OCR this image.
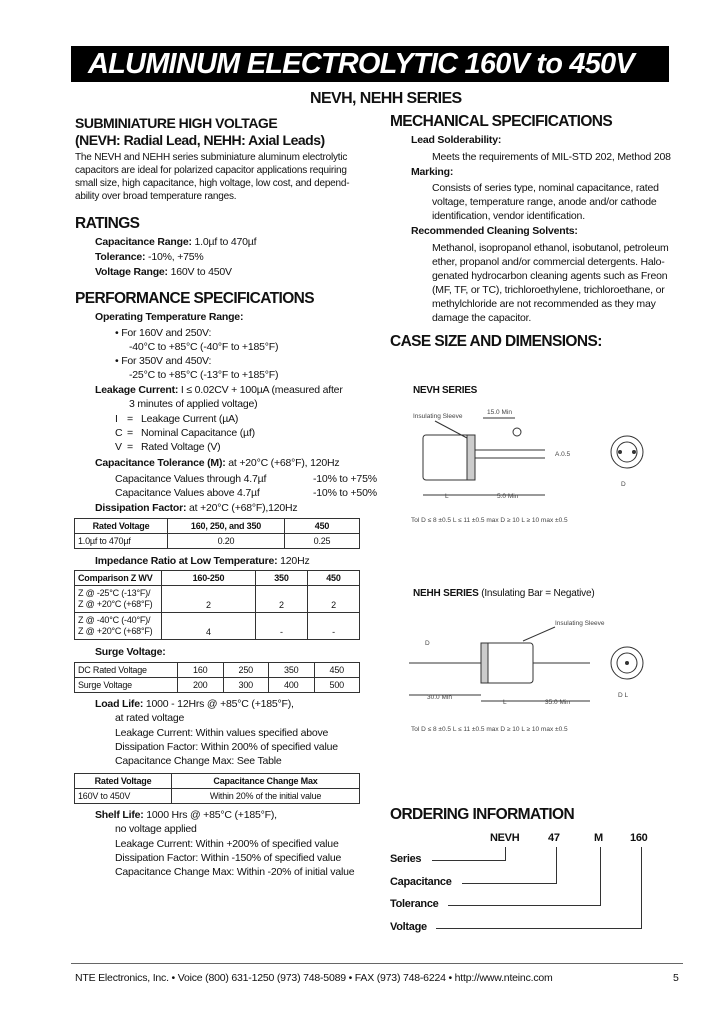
ALUMINUM ELECTROLYTIC 160V to 450V
NEVH, NEHH SERIES
SUBMINIATURE HIGH VOLTAGE
(NEVH: Radial Lead, NEHH: Axial Leads)
The NEVH and NEHH series subminiature aluminum electrolytic
capacitors are ideal for polarized capacitor applications requiring
small size, high capacitance, high voltage, low cost, and depend-
ability over broad temperature ranges.
RATINGS
Capacitance Range: 1.0µf to 470µf
Tolerance: -10%, +75%
Voltage Range: 160V to 450V
PERFORMANCE SPECIFICATIONS
Operating Temperature Range:
• For 160V and 250V:
-40°C to +85°C (-40°F to +185°F)
• For 350V and 450V:
-25°C to +85°C (-13°F to +185°F)
Leakage Current: I ≤ 0.02CV + 100µA (measured after
3 minutes of applied voltage)
I = Leakage Current (µA)
C = Nominal Capacitance (µf)
V = Rated Voltage (V)
Capacitance Tolerance (M): at +20°C (+68°F), 120Hz
Capacitance Values through 4.7µf	-10% to +75%
Capacitance Values above 4.7µf	-10% to +50%
Dissipation Factor: at +20°C (+68°F),120Hz
Rated Voltage	160, 250, and 350	450
1.0µf to 470µf	0.20	0.25
Impedance Ratio at Low Temperature: 120Hz
Comparison Z WV	160-250	350	450

Z @ -25°C (-13°F)/
Z @ +20°C (+68°F)	2	2	2

Z @ -40°C (-40°F)/
Z @ +20°C (+68°F)	4	-	-
Surge Voltage:
DC Rated Voltage	160	250	350	450
Surge Voltage	200	300	400	500
Load Life: 1000 - 12Hrs @ +85°C (+185°F),
at rated voltage
Leakage Current: Within values specified above
Dissipation Factor: Within 200% of specified value
Capacitance Change Max: See Table
Rated Voltage	Capacitance Change Max
160V to 450V	Within 20% of the initial value
Shelf Life: 1000 Hrs @ +85°C (+185°F),
no voltage applied
Leakage Current: Within +200% of specified value
Dissipation Factor: Within -150% of specified value
Capacitance Change Max: Within -20% of initial value
MECHANICAL SPECIFICATIONS
Lead Solderability:
Meets the requirements of MIL-STD 202, Method 208
Marking:
Consists of series type, nominal capacitance, rated
voltage, temperature range, anode and/or cathode
identification, vendor identification.
Recommended Cleaning Solvents:
Methanol, isopropanol ethanol, isobutanol, petroleum
ether, propanol and/or commercial detergents. Halo-
genated hydrocarbon cleaning agents such as Freon
(MF, TF, or TC), trichloroethylene, trichloroethane, or
methylchloride are not recommended as they may
damage the capacitor.
CASE SIZE AND DIMENSIONS:
NEVH SERIES
Insulating Sleeve
15.0 Min
A.0.5
L	5.0 Min
D
Tol D ≤ 8 ±0.5 L ≤ 11 ±0.5 max D ≥ 10 L ≥ 10 max ±0.5
NEHH SERIES (Insulating Bar = Negative)
Insulating Sleeve
D
30.0 Min
L	35.0 Min
D L
Tol D ≤ 8 ±0.5 L ≤ 11 ±0.5 max D ≥ 10 L ≥ 10 max ±0.5
ORDERING INFORMATION
NEVH	47	M 160
Series
Capacitance
Tolerance
Voltage
NTE Electronics, Inc. • Voice (800) 631-1250 (973) 748-5089 • FAX (973) 748-6224 • http://www.nteinc.com	5
